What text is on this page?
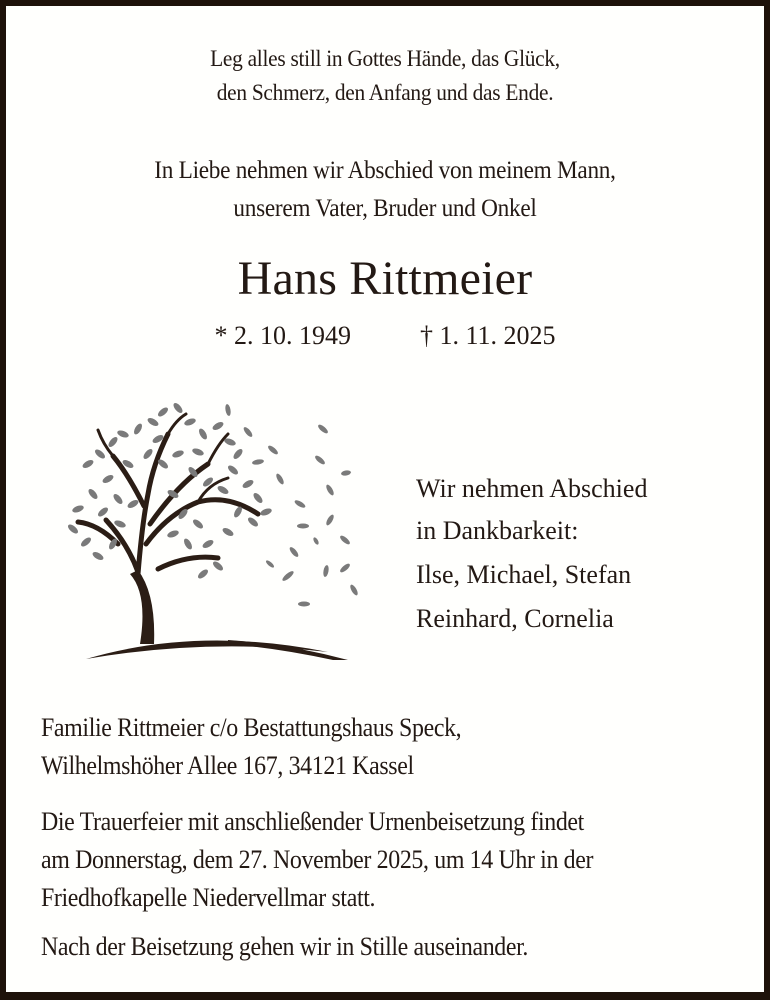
Leg alles still in Gottes Hände, das Glück,
den Schmerz, den Anfang und das Ende.
In Liebe nehmen wir Abschied von meinem Mann,
unserem Vater, Bruder und Onkel
Hans Rittmeier
* 2. 10. 1949	† 1. 11. 2025
Wir nehmen Abschied
in Dankbarkeit:
Ilse, Michael, Stefan
Reinhard, Cornelia
Familie Rittmeier c/o Bestattungshaus Speck,
Wilhelmshöher Allee 167, 34121 Kassel
Die Trauerfeier mit anschließender Urnenbeisetzung findet
am Donnerstag, dem 27. November 2025, um 14 Uhr in der
Friedhofkapelle Niedervellmar statt.
Nach der Beisetzung gehen wir in Stille auseinander.
